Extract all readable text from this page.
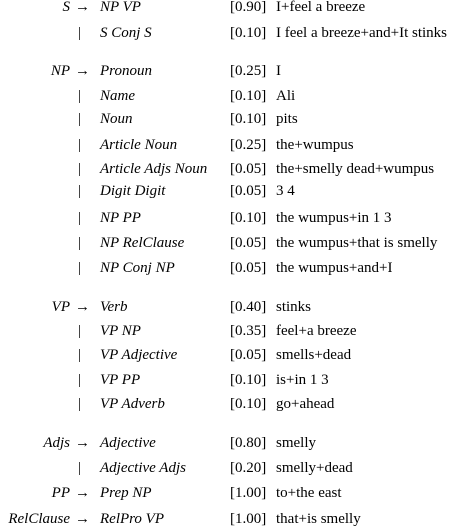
S → NP VP	[0.90] I+feel a breeze
| S Conj S	[0.10] I feel a breeze+and+It stinks
NP → Pronoun	[0.25] I
| Name	[0.10] Ali
| Noun	[0.10] pits
| Article Noun	[0.25] the+wumpus
| Article Adjs Noun [0.05] the+smelly dead+wumpus
| Digit Digit	[0.05] 3 4
| NP PP	[0.10] the wumpus+in 1 3
| NP RelClause	[0.05] the wumpus+that is smelly
| NP Conj NP	[0.05] the wumpus+and+I
VP → Verb	[0.40] stinks
| VP NP	[0.35] feel+a breeze
| VP Adjective	[0.05] smells+dead
| VP PP	[0.10] is+in 1 3
| VP Adverb	[0.10] go+ahead
Adjs → Adjective	[0.80] smelly
| Adjective Adjs	[0.20] smelly+dead
PP → Prep NP	[1.00] to+the east
RelClause → RelPro VP	[1.00] that+is smelly
